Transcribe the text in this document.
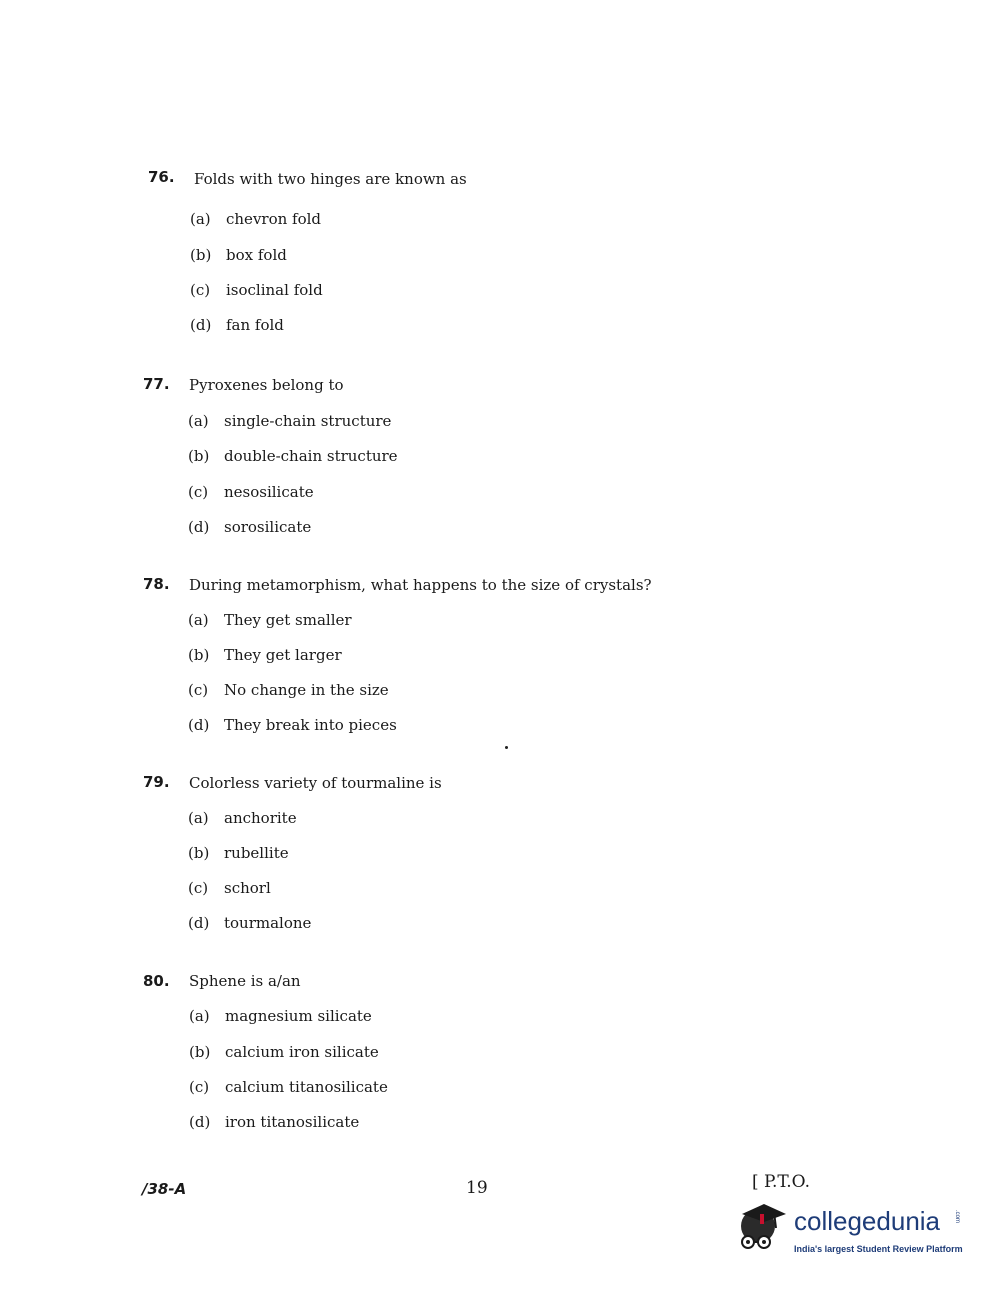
76. Folds with two hinges are known as
(a) chevron fold
(b) box fold
(c) isoclinal fold
(d) fan fold
77. Pyroxenes belong to
(a) single-chain structure
(b) double-chain structure
(c) nesosilicate
(d) sorosilicate
78. During metamorphism, what happens to the size of crystals?
(a) They get smaller
(b) They get larger
(c) No change in the size
(d) They break into pieces
79. Colorless variety of tourmaline is
(a) anchorite
(b) rubellite
(c) schorl
(d) tourmalone
80. Sphene is a/an
(a) magnesium silicate
(b) calcium iron silicate
(c) calcium titanosilicate
(d) iron titanosilicate
/38-A	19	[ P.T.O.
collegedunia .com
India's largest Student Review Platform
